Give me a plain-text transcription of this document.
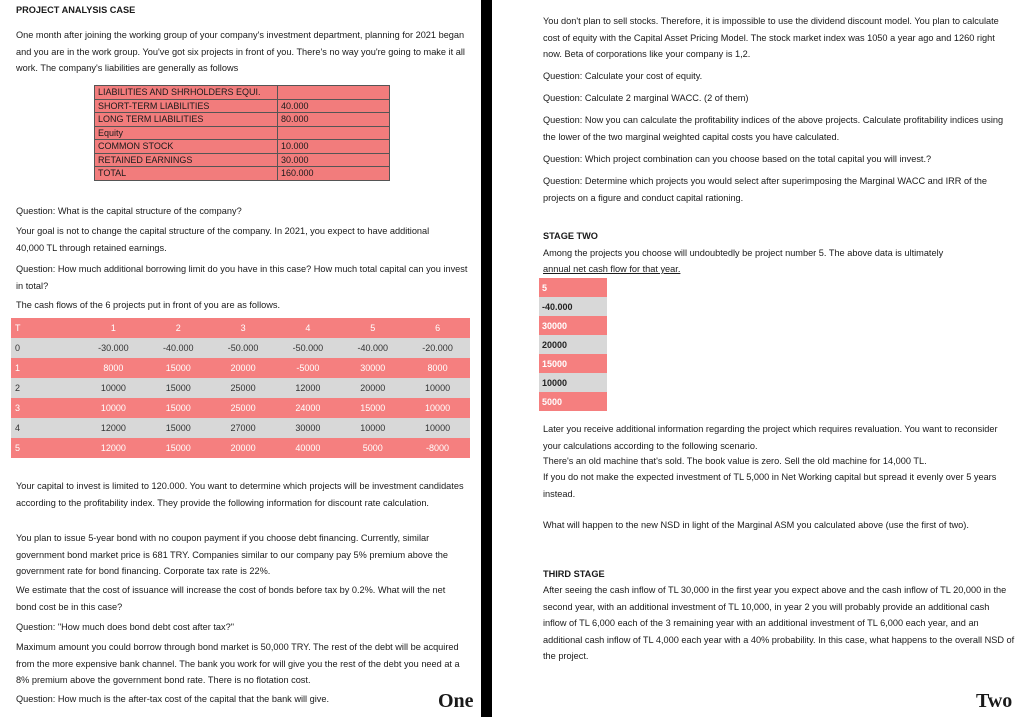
PROJECT ANALYSIS CASE

One month after joining the working group of your company's investment department, planning for 2021 began and you are in the work group. You've got six projects in front of you. There's no way you're going to make it all work. The company's liabilities are generally as follows

LIABILITIES AND SHRHOLDERS EQUI.	
SHORT-TERM LIABILITIES	40.000
LONG TERM LIABILITIES	80.000
Equity	
COMMON STOCK	10.000
RETAINED EARNINGS	30.000
TOTAL	160.000

Question: What is the capital structure of the company?

Your goal is not to change the capital structure of the company. In 2021, you expect to have additional 40,000 TL through retained earnings.

Question: How much additional borrowing limit do you have in this case? How much total capital can you invest in total?

The cash flows of the 6 projects put in front of you are as follows.

T	1	2	3	4	5	6
0	-30.000	-40.000	-50.000	-50.000	-40.000	-20.000
1	8000	15000	20000	-5000	30000	8000
2	10000	15000	25000	12000	20000	10000
3	10000	15000	25000	24000	15000	10000
4	12000	15000	27000	30000	10000	10000
5	12000	15000	20000	40000	5000	-8000

Your capital to invest is limited to 120.000. You want to determine which projects will be investment candidates according to the profitability index. They provide the following information for discount rate calculation.

You plan to issue 5-year bond with no coupon payment if you choose debt financing. Currently, similar government bond market price is 681 TRY. Companies similar to our company pay 5% premium above the government rate for bond financing. Corporate tax rate is 22%.

We estimate that the cost of issuance will increase the cost of bonds before tax by 0.2%. What will the net bond cost be in this case?

Question: "How much does bond debt cost after tax?"

Maximum amount you could borrow through bond market is 50,000 TRY. The rest of the debt will be acquired from the more expensive bank channel. The bank you work for will give you the rest of the debt you need at a 8% premium above the government bond rate. There is no flotation cost.

Question: How much is the after-tax cost of the capital that the bank will give.	One

You don't plan to sell stocks. Therefore, it is impossible to use the dividend discount model. You plan to calculate cost of equity with the Capital Asset Pricing Model. The stock market index was 1050 a year ago and 1260 right now. Beta of corporations like your company is 1,2.

Question: Calculate your cost of equity.

Question: Calculate 2 marginal WACC. (2 of them)

Question: Now you can calculate the profitability indices of the above projects. Calculate profitability indices using the lower of the two marginal weighted capital costs you have calculated.

Question: Which project combination can you choose based on the total capital you will invest.?

Question: Determine which projects you would select after superimposing the Marginal WACC and IRR of the projects on a figure and conduct capital rationing.

STAGE TWO

Among the projects you choose will undoubtedly be project number 5. The above data is ultimately

annual net cash flow for that year.

5
-40.000
30000
20000
15000
10000
5000

Later you receive additional information regarding the project which requires revaluation. You want to reconsider your calculations according to the following scenario.

There's an old machine that's sold. The book value is zero. Sell the old machine for 14,000 TL.

If you do not make the expected investment of TL 5,000 in Net Working capital but spread it evenly over 5 years instead.

What will happen to the new NSD in light of the Marginal ASM you calculated above (use the first of two).

THIRD STAGE

After seeing the cash inflow of TL 30,000 in the first year you expect above and the cash inflow of TL 20,000 in the second year, with an additional investment of TL 10,000, in year 2 you will probably provide an additional cash inflow of TL 6,000 each of the 3 remaining year with an additional investment of TL 6,000 each year, and an additional cash inflow of TL 4,000 each year with a 40% probability. In this case, what happens to the overall NSD of the project.

Two
